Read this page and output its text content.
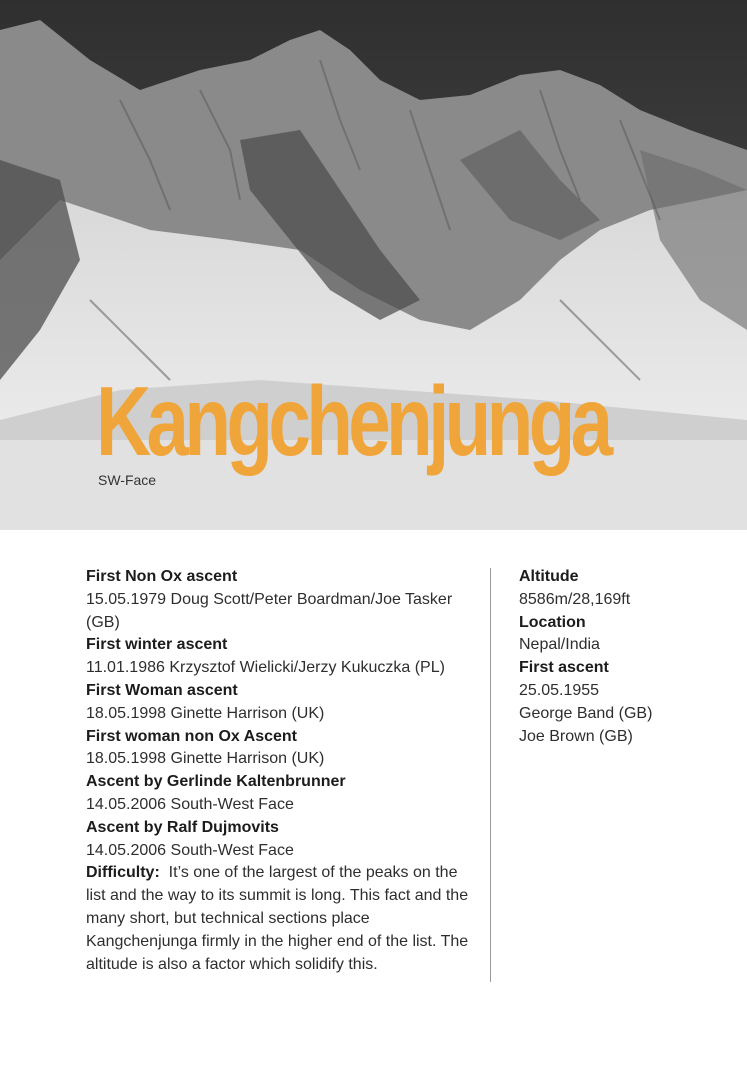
Kangchenjunga
SW-Face
First Non Ox ascent
15.05.1979 Doug Scott/Peter Boardman/Joe Tasker (GB)
First winter ascent
11.01.1986 Krzysztof Wielicki/Jerzy Kukuczka (PL)
First Woman ascent
18.05.1998 Ginette Harrison (UK)
First woman non Ox Ascent
18.05.1998 Ginette Harrison (UK)
Ascent by Gerlinde Kaltenbrunner
14.05.2006 South-West Face
Ascent by Ralf Dujmovits
14.05.2006 South-West Face
Difficulty: It’s one of the largest of the peaks on the list and the way to its summit is long. This fact and the many short, but technical sections place Kangchenjunga firmly in the higher end of the list. The altitude is also a factor which solidify this.
Altitude
8586m/28,169ft
Location
Nepal/India
First ascent
25.05.1955
George Band (GB)
Joe Brown (GB)
